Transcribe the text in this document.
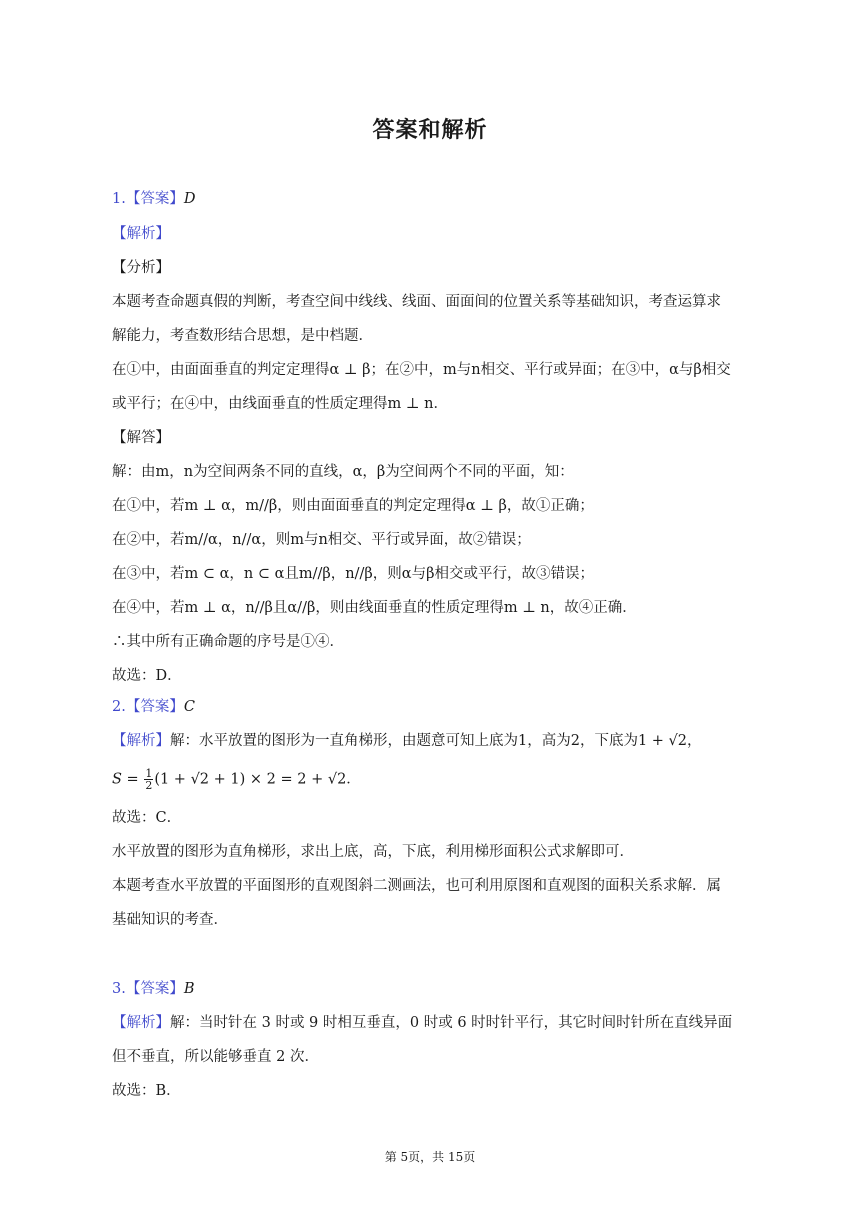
答案和解析
1.【答案】D
【解析】
【分析】
本题考查命题真假的判断，考查空间中线线、线面、面面间的位置关系等基础知识，考查运算求
解能力，考查数形结合思想，是中档题．
在①中，由面面垂直的判定定理得α ⊥ β；在②中，m与n相交、平行或异面；在③中，α与β相交
或平行；在④中，由线面垂直的性质定理得m ⊥ n．
【解答】
解：由m，n为空间两条不同的直线，α，β为空间两个不同的平面，知：
在①中，若m ⊥ α，m//β，则由面面垂直的判定定理得α ⊥ β，故①正确；
在②中，若m//α，n//α，则m与n相交、平行或异面，故②错误；
在③中，若m ⊂ α，n ⊂ α且m//β，n//β，则α与β相交或平行，故③错误；
在④中，若m ⊥ α，n//β且α//β，则由线面垂直的性质定理得m ⊥ n，故④正确．
∴其中所有正确命题的序号是①④．
故选：D．
2.【答案】C
【解析】解：水平放置的图形为一直角梯形，由题意可知上底为1，高为2，下底为1 + √2，
$S = \frac{1}{2} (1 + √2 + 1) \times 2 = 2 + √2$．
故选：C．
水平放置的图形为直角梯形，求出上底，高，下底，利用梯形面积公式求解即可．
本题考查水平放置的平面图形的直观图斜二测画法，也可利用原图和直观图的面积关系求解．属
基础知识的考查．
3.【答案】B
【解析】解：当时针在 3 时或 9 时相互垂直，0 时或 6 时时针平行，其它时间时针所在直线异面
但不垂直，所以能够垂直 2 次．
故选：B．
第 5页，共 15页
